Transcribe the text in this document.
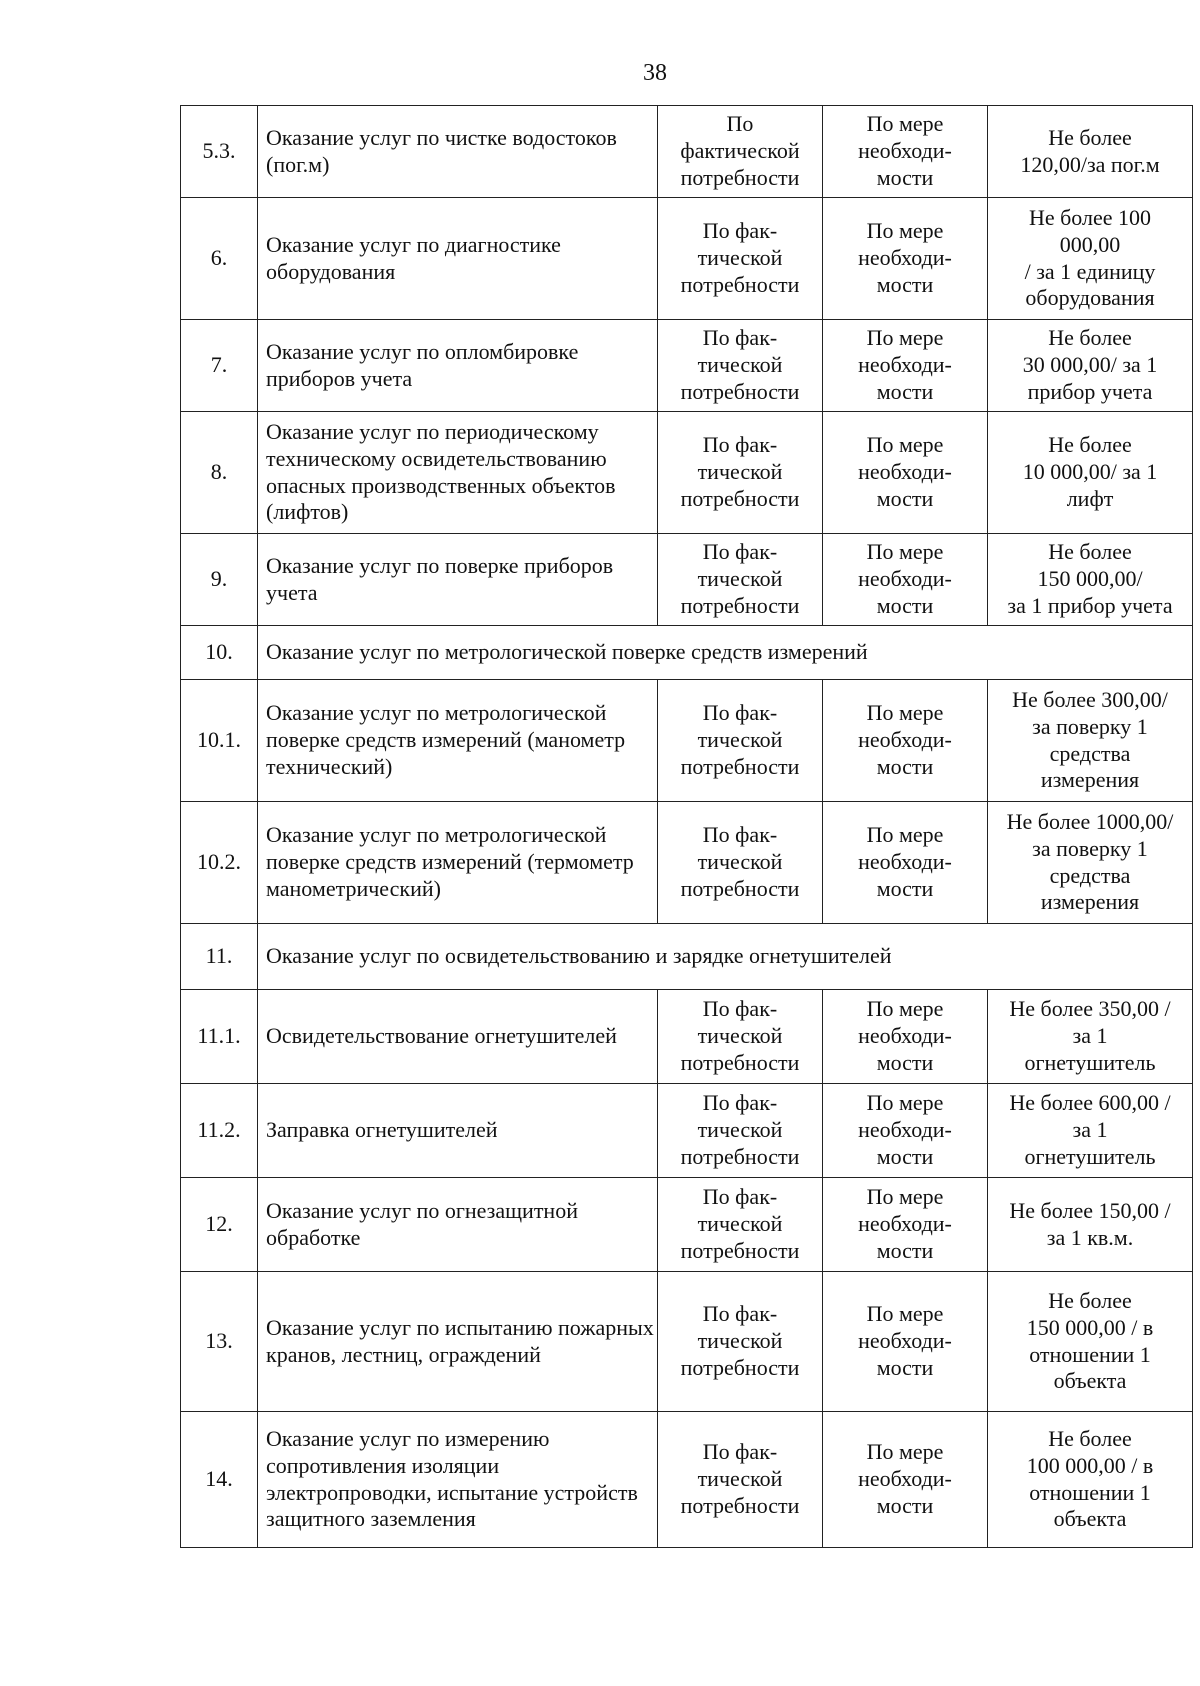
38
5.3.	Оказание услуг по чистке водостоков (пог.м)	По
фактической
потребности	По мере
необходи-
мости	Не более
120,00/за пог.м

6.	Оказание услуг по диагностике оборудования	По фак-
тической
потребности	По мере
необходи-
мости	Не более 100
000,00
/ за 1 единицу
оборудования

7.	Оказание услуг по опломбировке приборов учета	По фак-
тической
потребности	По мере
необходи-
мости	Не более
30 000,00/ за 1
прибор учета

8.	Оказание услуг по периодическому техническому освидетельствованию опасных производственных объектов (лифтов)	По фак-
тической
потребности	По мере
необходи-
мости	Не более
10 000,00/ за 1
лифт

9.	Оказание услуг по поверке приборов учета	По фак-
тической
потребности	По мере
необходи-
мости	Не более
150 000,00/
за 1 прибор учета

10.	Оказание услуг по метрологической поверке средств измерений			
10.1.	Оказание услуг по метрологической поверке средств измерений (манометр технический)	По фак-
тической
потребности	По мере
необходи-
мости	Не более 300,00/
за поверку 1
средства
измерения

10.2.	Оказание услуг по метрологической поверке средств измерений (термометр манометрический)	По фак-
тической
потребности	По мере
необходи-
мости	Не более 1000,00/
за поверку 1
средства
измерения

11.	Оказание услуг по освидетельствованию и зарядке огнетушителей			
11.1.	Освидетельствование огнетушителей	По фак-
тической
потребности	По мере
необходи-
мости	Не более 350,00 /
за 1
огнетушитель

11.2.	Заправка огнетушителей	По фак-
тической
потребности	По мере
необходи-
мости	Не более 600,00 /
за 1
огнетушитель

12.	Оказание услуг по огнезащитной обработке	По фак-
тической
потребности	По мере
необходи-
мости	Не более 150,00 /
за 1 кв.м.

13.	Оказание услуг по испытанию пожарных кранов, лестниц, ограждений	По фак-
тической
потребности	По мере
необходи-
мости	Не более
150 000,00 / в
отношении 1
объекта

14.	Оказание услуг по измерению сопротивления изоляции электропроводки, испытание устройств защитного заземления	По фак-
тической
потребности	По мере
необходи-
мости	Не более
100 000,00 / в
отношении 1
объекта
